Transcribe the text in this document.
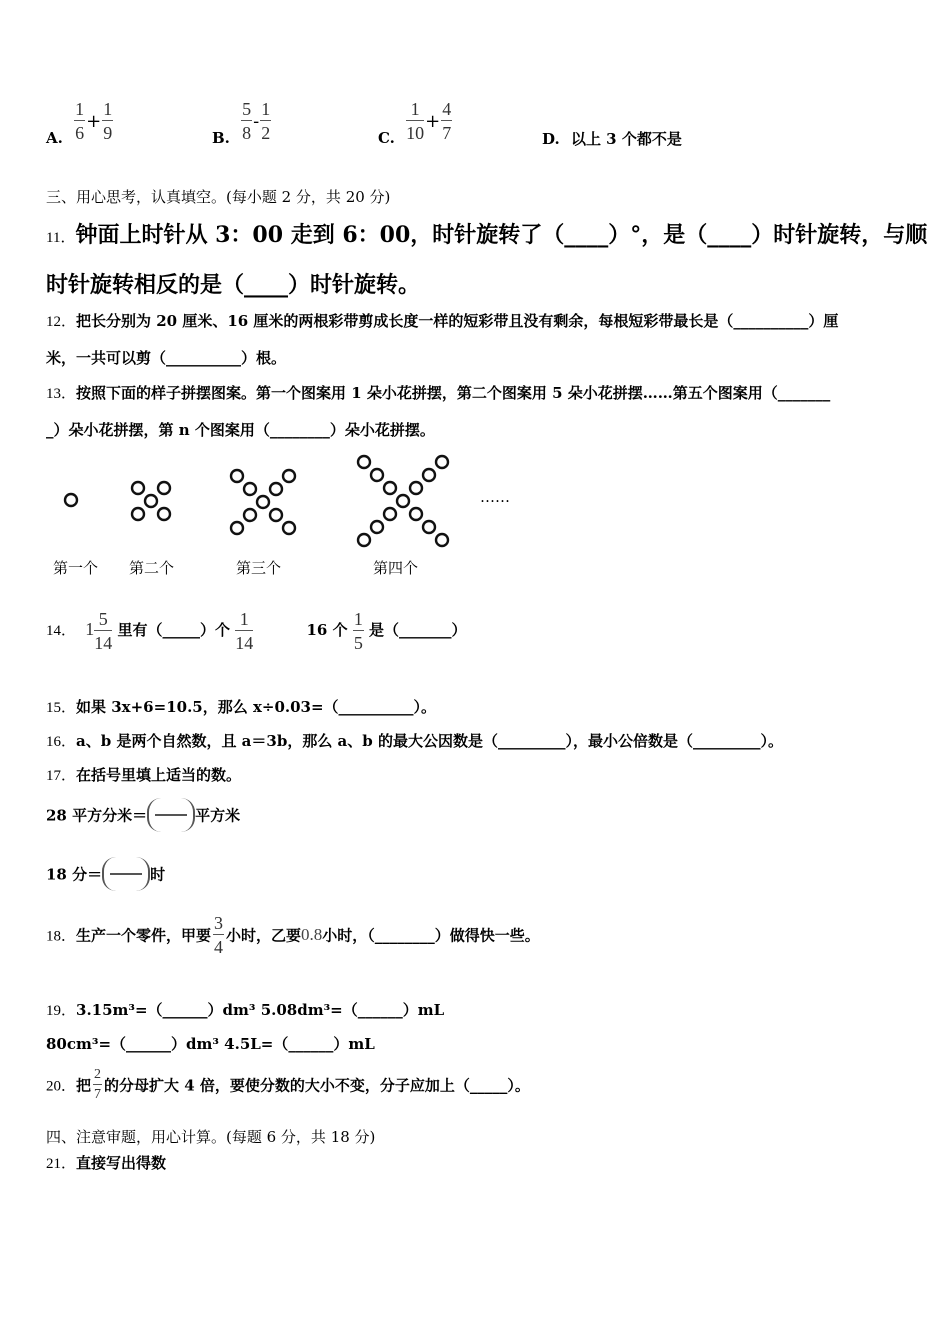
A. $\frac{1}{6} + \frac{1}{9}$	B. $\frac{5}{8} - \frac{1}{2}$	C. $\frac{1}{10} + \frac{4}{7}$	D. 以上 3 个都不是
三、用心思考，认真填空。(每小题 2 分，共 20 分)
11．钟面上时针从 3：00 走到 6：00，时针旋转了（____）°，是（____）时针旋转，与顺
时针旋转相反的是（____）时针旋转。
12．把长分别为 20 厘米、16 厘米的两根彩带剪成长度一样的短彩带且没有剩余，每根短彩带最长是（__________）厘
米，一共可以剪（__________）根。
13．按照下面的样子拼摆图案。第一个图案用 1 朵小花拼摆，第二个图案用 5 朵小花拼摆……第五个图案用（_______
_）朵小花拼摆，第 n 个图案用（________）朵小花拼摆。
……
第一个 第二个	第三个	第四个
14． $1 \frac{5}{14}$ 里有（_____）个 $\frac{1}{14}$	16 个 $\frac{1}{5}$ 是（_______）
15．如果 3x+6=10.5，那么 x÷0.03=（__________）。
16．a、b 是两个自然数，且 a＝3b，那么 a、b 的最大公因数是（_________），最小公倍数是（_________）。
17．在括号里填上适当的数。
28 平方分米＝	平方米
18 分＝	时
18．生产一个零件，甲要 $\frac{3}{4}$ 小时，乙要0.8小时，（________）做得快一些。
19．3.15m³=（______）dm³ 5.08dm³=（______）mL
80cm³=（______）dm³ 4.5L=（______）mL
20．把 $\frac{2}{7}$ 的分母扩大 4 倍，要使分数的大小不变，分子应加上（_____）。
四、注意审题，用心计算。(每题 6 分，共 18 分)
21．直接写出得数
